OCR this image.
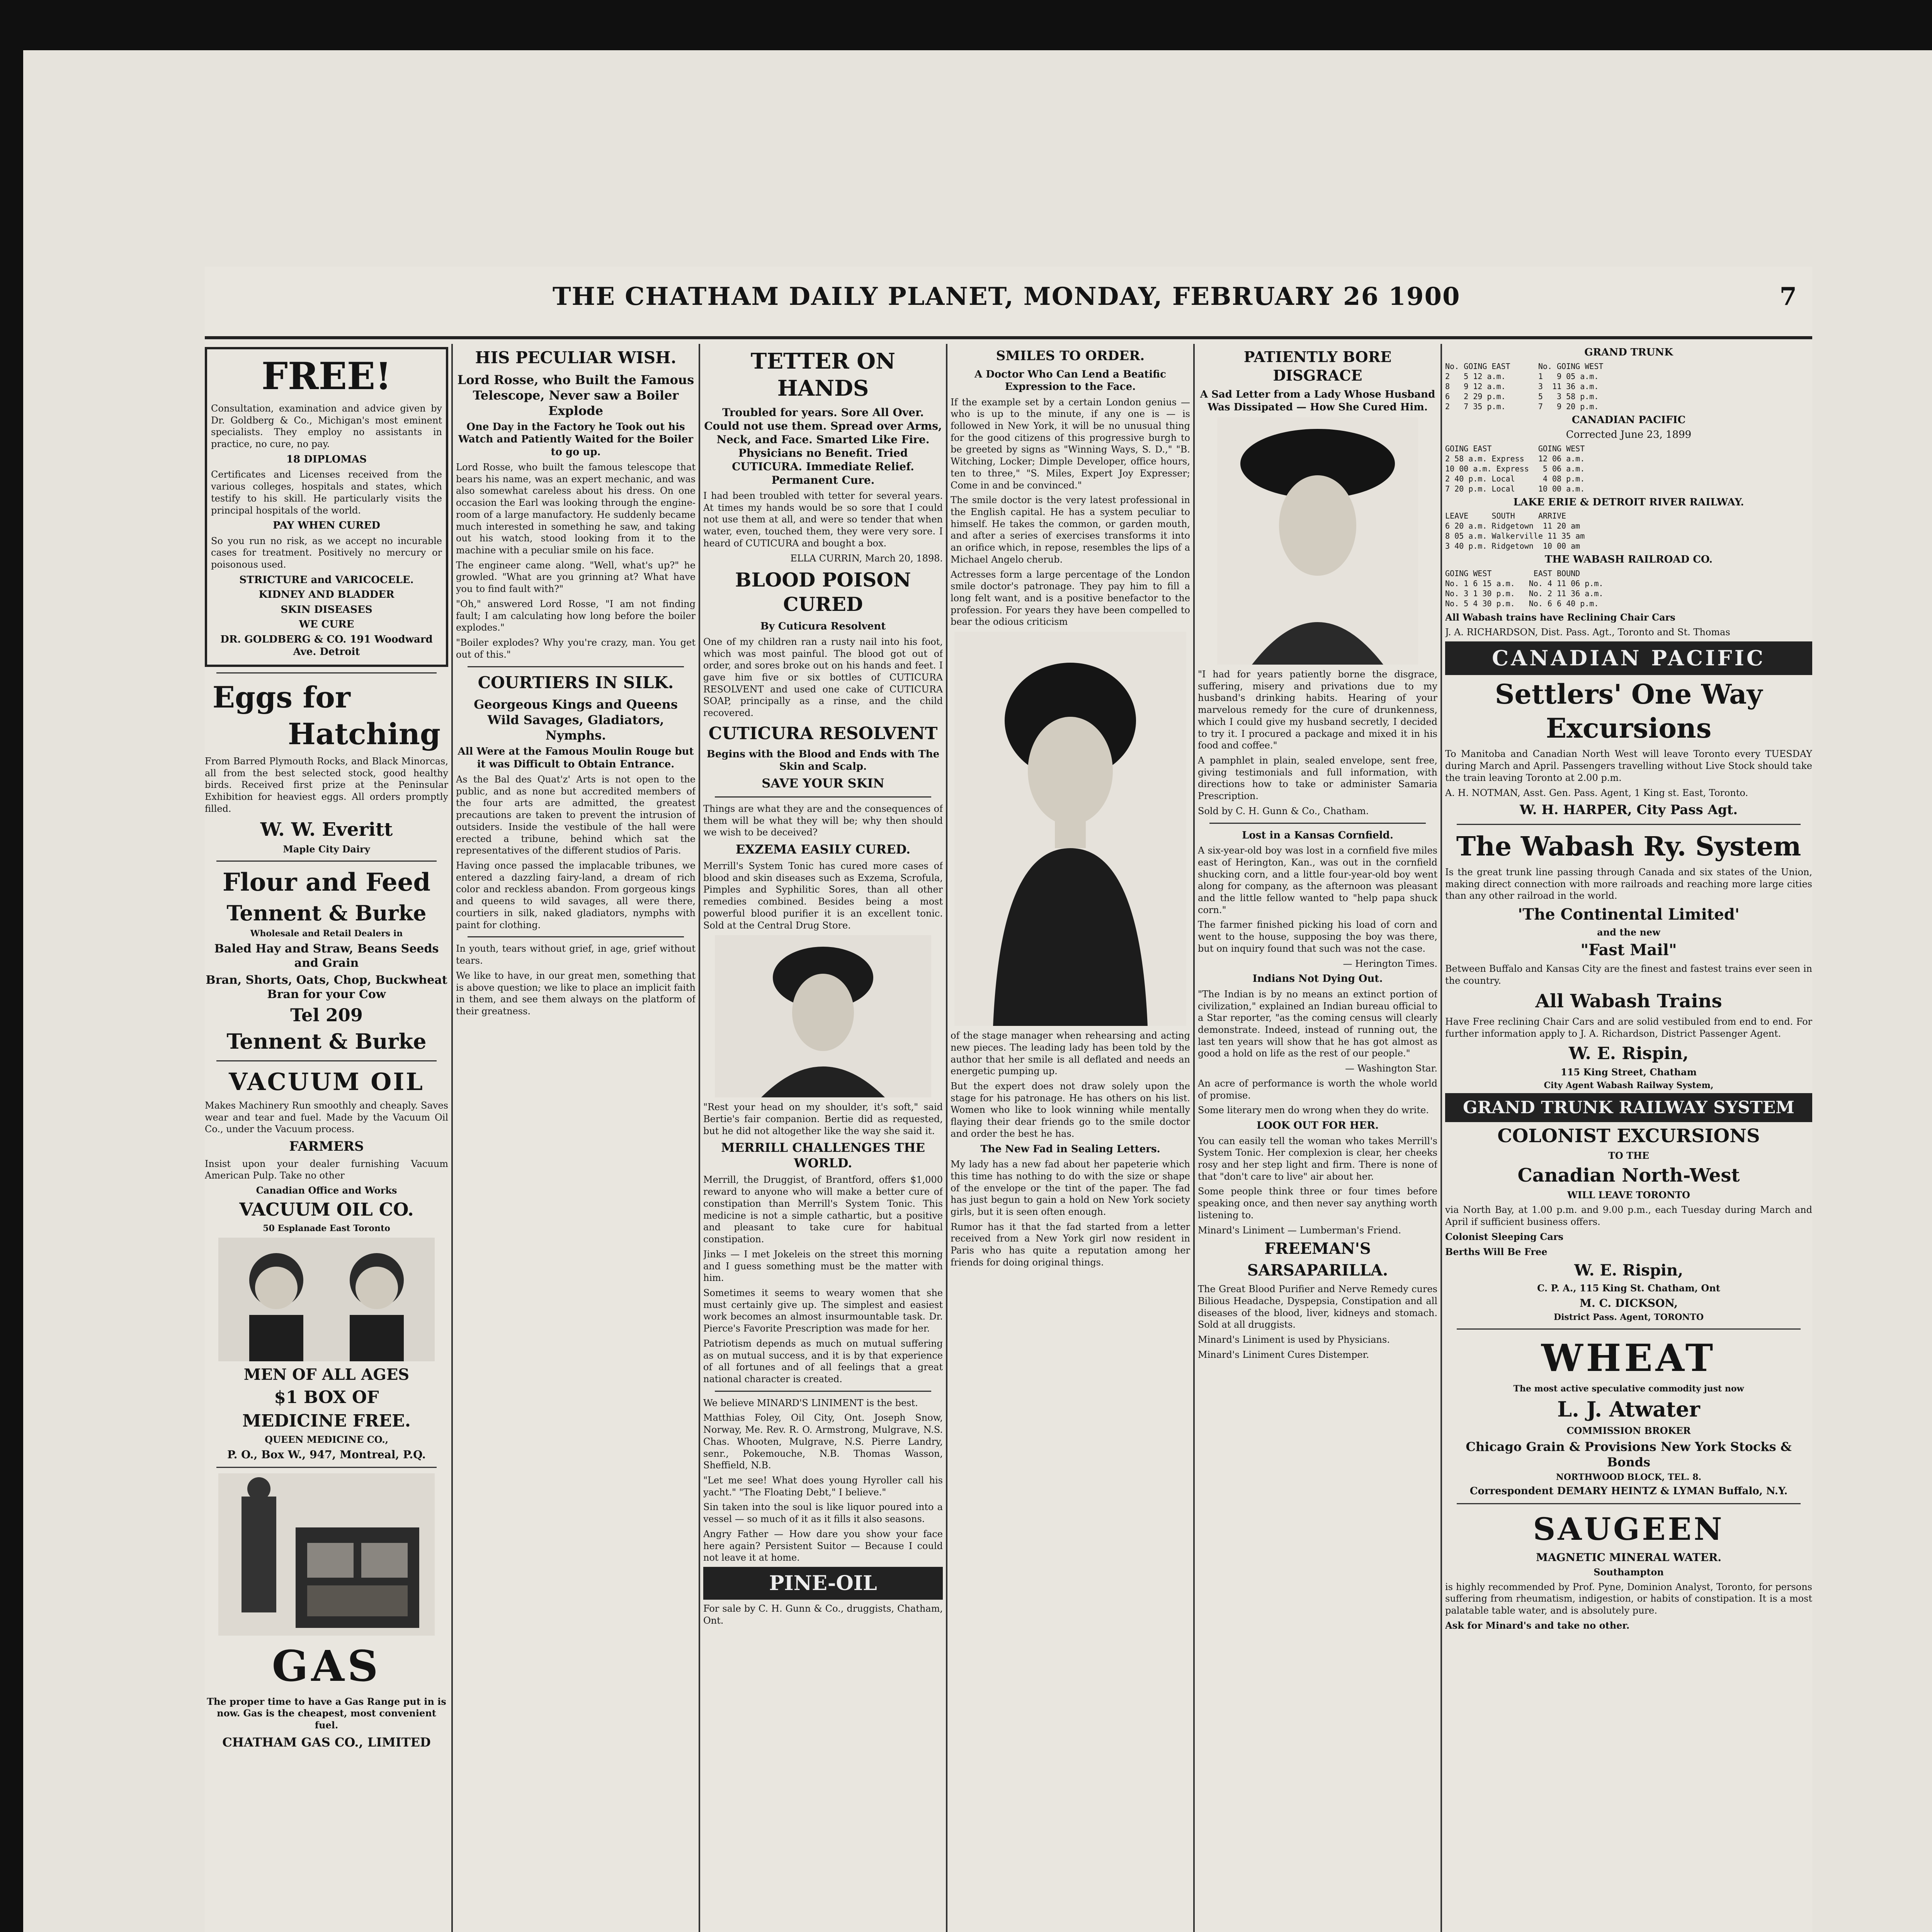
THE CHATHAM DAILY PLANET, MONDAY, FEBRUARY 26 1900	7
FREE!
Consultation, examination and advice given by Dr. Goldberg & Co., Michigan's most eminent specialists. They employ no assistants in practice, no cure, no pay.
18 DIPLOMAS
Certificates and Licenses received from the various colleges, hospitals and states, which testify to his skill. He particularly visits the principal hospitals of the world.
PAY WHEN CURED
So you run no risk, as we accept no incurable cases for treatment. Positively no mercury or poisonous used.
STRICTURE and VARICOCELE.
KIDNEY AND BLADDER
SKIN DISEASES
WE CURE
DR. GOLDBERG & CO. 191 Woodward Ave. Detroit
Eggs for
Hatching
From Barred Plymouth Rocks, and Black Minorcas, all from the best selected stock, good healthy birds. Received first prize at the Peninsular Exhibition for heaviest eggs. All orders promptly filled.
W. W. Everitt
Maple City Dairy
Flour and Feed
Tennent & Burke
Wholesale and Retail Dealers in
Baled Hay and Straw, Beans Seeds and Grain
Bran, Shorts, Oats, Chop, Buckwheat Bran for your Cow
Tel 209
Tennent & Burke
VACUUM OIL
Makes Machinery Run smoothly and cheaply. Saves wear and tear and fuel. Made by the Vacuum Oil Co., under the Vacuum process.
FARMERS
Insist upon your dealer furnishing Vacuum American Pulp. Take no other
Canadian Office and Works
VACUUM OIL CO.
50 Esplanade East Toronto
MEN OF ALL AGES
$1 BOX OF
MEDICINE FREE.
QUEEN MEDICINE CO.,
P. O., Box W., 947, Montreal, P.Q.
GAS
The proper time to have a Gas Range put in is now. Gas is the cheapest, most convenient fuel.
CHATHAM GAS CO., LIMITED
HIS PECULIAR WISH.
Lord Rosse, who Built the Famous Telescope, Never saw a Boiler Explode
One Day in the Factory he Took out his Watch and Patiently Waited for the Boiler to go up.
Lord Rosse, who built the famous telescope that bears his name, was an expert mechanic, and was also somewhat careless about his dress. On one occasion the Earl was looking through the engine-room of a large manufactory. He suddenly became much interested in something he saw, and taking out his watch, stood looking from it to the machine with a peculiar smile on his face.
The engineer came along. "Well, what's up?" he growled. "What are you grinning at? What have you to find fault with?"
"Oh," answered Lord Rosse, "I am not finding fault; I am calculating how long before the boiler explodes."
"Boiler explodes? Why you're crazy, man. You get out of this."
COURTIERS IN SILK.
Georgeous Kings and Queens Wild Savages, Gladiators, Nymphs.
All Were at the Famous Moulin Rouge but it was Difficult to Obtain Entrance.
As the Bal des Quat'z' Arts is not open to the public, and as none but accredited members of the four arts are admitted, the greatest precautions are taken to prevent the intrusion of outsiders. Inside the vestibule of the hall were erected a tribune, behind which sat the representatives of the different studios of Paris.
Having once passed the implacable tribunes, we entered a dazzling fairy-land, a dream of rich color and reckless abandon. From gorgeous kings and queens to wild savages, all were there, courtiers in silk, naked gladiators, nymphs with paint for clothing.
In youth, tears without grief, in age, grief without tears.
We like to have, in our great men, something that is above question; we like to place an implicit faith in them, and see them always on the platform of their greatness.
TETTER ON HANDS
Troubled for years. Sore All Over. Could not use them. Spread over Arms, Neck, and Face. Smarted Like Fire. Physicians no Benefit. Tried CUTICURA. Immediate Relief. Permanent Cure.
I had been troubled with tetter for several years. At times my hands would be so sore that I could not use them at all, and were so tender that when water, even, touched them, they were very sore. I heard of CUTICURA and bought a box.
ELLA CURRIN, March 20, 1898.
BLOOD POISON CURED
By Cuticura Resolvent
One of my children ran a rusty nail into his foot, which was most painful. The blood got out of order, and sores broke out on his hands and feet. I gave him five or six bottles of CUTICURA RESOLVENT and used one cake of CUTICURA SOAP, principally as a rinse, and the child recovered.
CUTICURA RESOLVENT
Begins with the Blood and Ends with The Skin and Scalp.
SAVE YOUR SKIN
Things are what they are and the consequences of them will be what they will be; why then should we wish to be deceived?
EXZEMA EASILY CURED.
Merrill's System Tonic has cured more cases of blood and skin diseases such as Exzema, Scrofula, Pimples and Syphilitic Sores, than all other remedies combined. Besides being a most powerful blood purifier it is an excellent tonic. Sold at the Central Drug Store.
"Rest your head on my shoulder, it's soft," said Bertie's fair companion. Bertie did as requested, but he did not altogether like the way she said it.
MERRILL CHALLENGES THE WORLD.
Merrill, the Druggist, of Brantford, offers $1,000 reward to anyone who will make a better cure of constipation than Merrill's System Tonic. This medicine is not a simple cathartic, but a positive and pleasant to take cure for habitual constipation.
Jinks — I met Jokeleis on the street this morning and I guess something must be the matter with him.
Sometimes it seems to weary women that she must certainly give up. The simplest and easiest work becomes an almost insurmountable task. Dr. Pierce's Favorite Prescription was made for her.
Patriotism depends as much on mutual suffering as on mutual success, and it is by that experience of all fortunes and of all feelings that a great national character is created.
We believe MINARD'S LINIMENT is the best.
Matthias Foley, Oil City, Ont. Joseph Snow, Norway, Me. Rev. R. O. Armstrong, Mulgrave, N.S. Chas. Whooten, Mulgrave, N.S. Pierre Landry, senr., Pokemouche, N.B. Thomas Wasson, Sheffield, N.B.
"Let me see! What does young Hyroller call his yacht." "The Floating Debt," I believe."
Sin taken into the soul is like liquor poured into a vessel — so much of it as it fills it also seasons.
Angry Father — How dare you show your face here again? Persistent Suitor — Because I could not leave it at home.
PINE-OIL
For sale by C. H. Gunn & Co., druggists, Chatham, Ont.
SMILES TO ORDER.
A Doctor Who Can Lend a Beatific Expression to the Face.
If the example set by a certain London genius — who is up to the minute, if any one is — is followed in New York, it will be no unusual thing for the good citizens of this progressive burgh to be greeted by signs as "Winning Ways, S. D.," "B. Witching, Locker; Dimple Developer, office hours, ten to three," "S. Miles, Expert Joy Expresser; Come in and be convinced."
The smile doctor is the very latest professional in the English capital. He has a system peculiar to himself. He takes the common, or garden mouth, and after a series of exercises transforms it into an orifice which, in repose, resembles the lips of a Michael Angelo cherub.
Actresses form a large percentage of the London smile doctor's patronage. They pay him to fill a long felt want, and is a positive benefactor to the profession. For years they have been compelled to bear the odious criticism
of the stage manager when rehearsing and acting new pieces. The leading lady has been told by the author that her smile is all deflated and needs an energetic pumping up.
But the expert does not draw solely upon the stage for his patronage. He has others on his list. Women who like to look winning while mentally flaying their dear friends go to the smile doctor and order the best he has.
The New Fad in Sealing Letters.
My lady has a new fad about her papeterie which this time has nothing to do with the size or shape of the envelope or the tint of the paper. The fad has just begun to gain a hold on New York society girls, but it is seen often enough.
Rumor has it that the fad started from a letter received from a New York girl now resident in Paris who has quite a reputation among her friends for doing original things.
PATIENTLY BORE DISGRACE
A Sad Letter from a Lady Whose Husband Was Dissipated — How She Cured Him.
"I had for years patiently borne the disgrace, suffering, misery and privations due to my husband's drinking habits. Hearing of your marvelous remedy for the cure of drunkenness, which I could give my husband secretly, I decided to try it. I procured a package and mixed it in his food and coffee."
A pamphlet in plain, sealed envelope, sent free, giving testimonials and full information, with directions how to take or administer Samaria Prescription.
Sold by C. H. Gunn & Co., Chatham.
Lost in a Kansas Cornfield.
A six-year-old boy was lost in a cornfield five miles east of Herington, Kan., was out in the cornfield shucking corn, and a little four-year-old boy went along for company, as the afternoon was pleasant and the little fellow wanted to "help papa shuck corn."
The farmer finished picking his load of corn and went to the house, supposing the boy was there, but on inquiry found that such was not the case.
— Herington Times.
Indians Not Dying Out.
"The Indian is by no means an extinct portion of civilization," explained an Indian bureau official to a Star reporter, "as the coming census will clearly demonstrate. Indeed, instead of running out, the last ten years will show that he has got almost as good a hold on life as the rest of our people."
— Washington Star.
An acre of performance is worth the whole world of promise.
Some literary men do wrong when they do write.
LOOK OUT FOR HER.
You can easily tell the woman who takes Merrill's System Tonic. Her complexion is clear, her cheeks rosy and her step light and firm. There is none of that "don't care to live" air about her.
Some people think three or four times before speaking once, and then never say anything worth listening to.
Minard's Liniment — Lumberman's Friend.
FREEMAN'S
SARSAPARILLA.
The Great Blood Purifier and Nerve Remedy cures Bilious Headache, Dyspepsia, Constipation and all diseases of the blood, liver, kidneys and stomach. Sold at all druggists.
Minard's Liniment is used by Physicians.
Minard's Liniment Cures Distemper.
GRAND TRUNK
No. GOING EAST      No. GOING WEST
2   5 12 a.m.       1   9 05 a.m.
8   9 12 a.m.       3  11 36 a.m.
6   2 29 p.m.       5   3 58 p.m.
2   7 35 p.m.       7   9 20 p.m.
CANADIAN PACIFIC
Corrected June 23, 1899
GOING EAST          GOING WEST
2 58 a.m. Express   12 06 a.m.
10 00 a.m. Express   5 06 a.m.
2 40 p.m. Local      4 08 p.m.
7 20 p.m. Local     10 00 a.m.
LAKE ERIE & DETROIT RIVER RAILWAY.
LEAVE     SOUTH     ARRIVE
6 20 a.m. Ridgetown  11 20 am
8 05 a.m. Walkerville 11 35 am
3 40 p.m. Ridgetown  10 00 am
THE WABASH RAILROAD CO.
GOING WEST         EAST BOUND
No. 1 6 15 a.m.   No. 4 11 06 p.m.
No. 3 1 30 p.m.   No. 2 11 36 a.m.
No. 5 4 30 p.m.   No. 6 6 40 p.m.
All Wabash trains have Reclining Chair Cars
J. A. RICHARDSON, Dist. Pass. Agt., Toronto and St. Thomas
CANADIAN PACIFIC
Settlers' One Way Excursions
To Manitoba and Canadian North West will leave Toronto every TUESDAY during March and April. Passengers travelling without Live Stock should take the train leaving Toronto at 2.00 p.m.
A. H. NOTMAN, Asst. Gen. Pass. Agent, 1 King st. East, Toronto.
W. H. HARPER, City Pass Agt.
The Wabash Ry. System
Is the great trunk line passing through Canada and six states of the Union, making direct connection with more railroads and reaching more large cities than any other railroad in the world.
'The Continental Limited'
and the new
"Fast Mail"
Between Buffalo and Kansas City are the finest and fastest trains ever seen in the country.
All Wabash Trains
Have Free reclining Chair Cars and are solid vestibuled from end to end. For further information apply to J. A. Richardson, District Passenger Agent.
W. E. Rispin,
115 King Street, Chatham
City Agent Wabash Railway System,
GRAND TRUNK RAILWAY SYSTEM
COLONIST EXCURSIONS
TO THE
Canadian North-West
WILL LEAVE TORONTO
via North Bay, at 1.00 p.m. and 9.00 p.m., each Tuesday during March and April if sufficient business offers.
Colonist Sleeping Cars
Berths Will Be Free
W. E. Rispin,
C. P. A., 115 King St. Chatham, Ont
M. C. DICKSON,
District Pass. Agent, TORONTO
WHEAT
The most active speculative commodity just now
L. J. Atwater
COMMISSION BROKER
Chicago Grain & Provisions New York Stocks & Bonds
NORTHWOOD BLOCK, TEL. 8.
Correspondent DEMARY HEINTZ & LYMAN Buffalo, N.Y.
SAUGEEN
MAGNETIC MINERAL WATER.
Southampton
is highly recommended by Prof. Pyne, Dominion Analyst, Toronto, for persons suffering from rheumatism, indigestion, or habits of constipation. It is a most palatable table water, and is absolutely pure.
Ask for Minard's and take no other.
